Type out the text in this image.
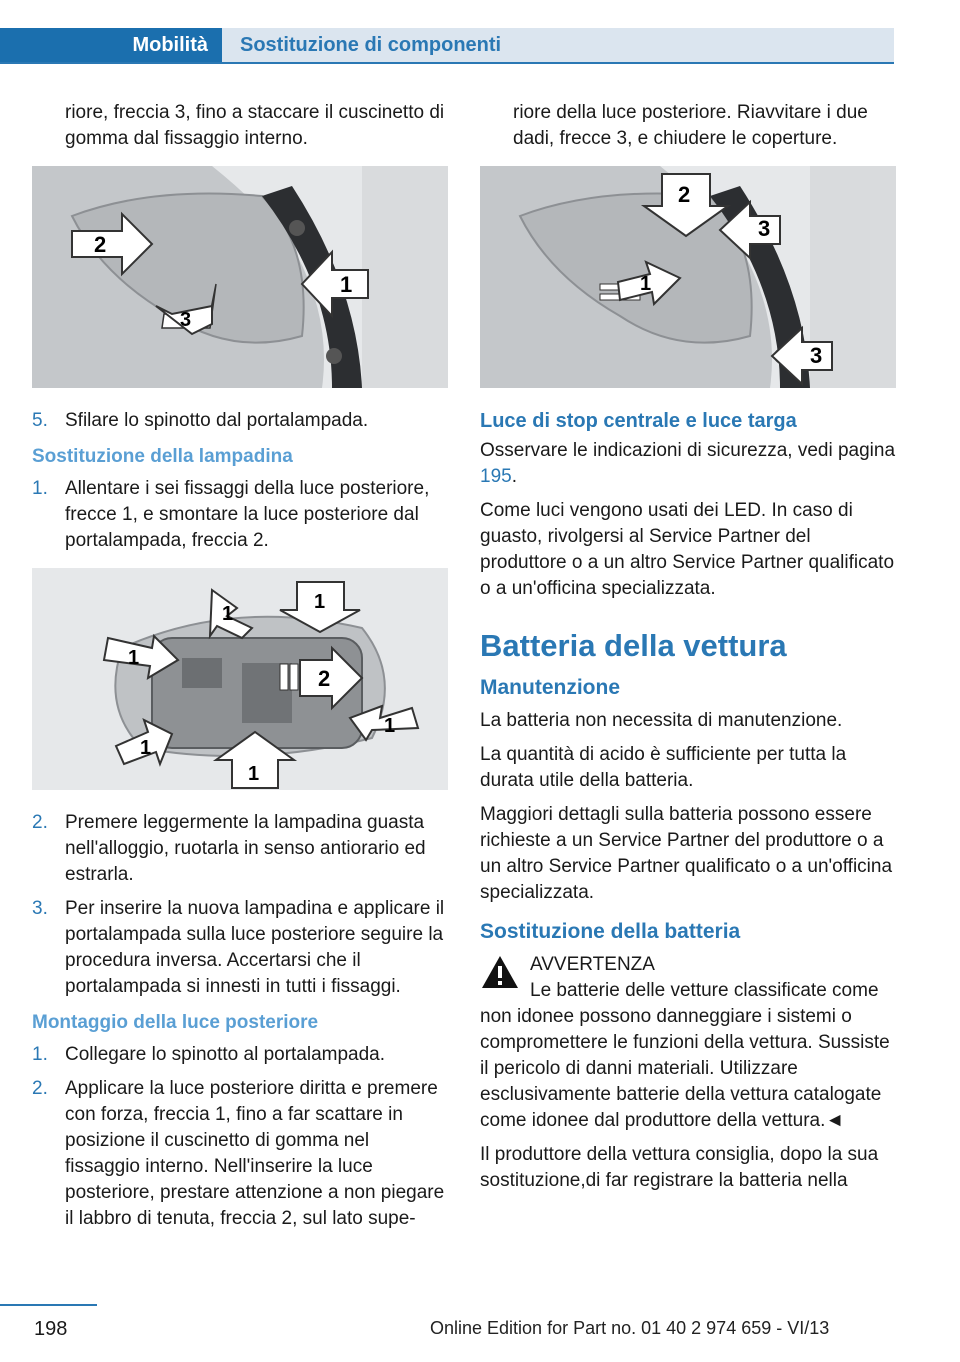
Mobilità	Sostituzione di componenti

riore, freccia 3, fino a staccare il cuscinetto di gomma dal fissaggio interno.

2
1
3
5. Sfilare lo spinotto dal portalampada.
Sostituzione della lampadina
1. Allentare i sei fissaggi della luce posteriore, frecce 1, e smontare la luce posteriore dal portalampada, freccia 2.
1
1
1
2
1
1
1
2. Premere leggermente la lampadina guasta nell'alloggio, ruotarla in senso antiorario ed estrarla.
3. Per inserire la nuova lampadina e applicare il portalampada sulla luce posteriore seguire la procedura inversa. Accertarsi che il portalampada si innesti in tutti i fissaggi.
Montaggio della luce posteriore
1. Collegare lo spinotto al portalampada.
2. Applicare la luce posteriore diritta e premere con forza, freccia 1, fino a far scattare in posizione il cuscinetto di gomma nel fissaggio interno. Nell'inserire la luce posteriore, prestare attenzione a non piegare il labbro di tenuta, freccia 2, sul lato supe-

riore della luce posteriore. Riavvitare i due dadi, frecce 3, e chiudere le coperture.

2
3
1
3
Luce di stop centrale e luce targa

Osservare le indicazioni di sicurezza, vedi pagina 195.

Come luci vengono usati dei LED. In caso di guasto, rivolgersi al Service Partner del produttore o a un altro Service Partner qualificato o a un'officina specializzata.

Batteria della vettura
Manutenzione

La batteria non necessita di manutenzione.

La quantità di acido è sufficiente per tutta la durata utile della batteria.

Maggiori dettagli sulla batteria possono essere richieste a un Service Partner del produttore o a un altro Service Partner qualificato o a un'officina specializzata.

Sostituzione della batteria
AVVERTENZA

Le batterie delle vetture classificate come non idonee possono danneggiare i sistemi o compromettere le funzioni della vettura. Sussiste il pericolo di danni materiali. Utilizzare esclusivamente batterie della vettura catalogate come idonee dal produttore della vettura.◄

Il produttore della vettura consiglia, dopo la sua sostituzione,di far registrare la batteria nella

198	Online Edition for Part no. 01 40 2 974 659 - VI/13
